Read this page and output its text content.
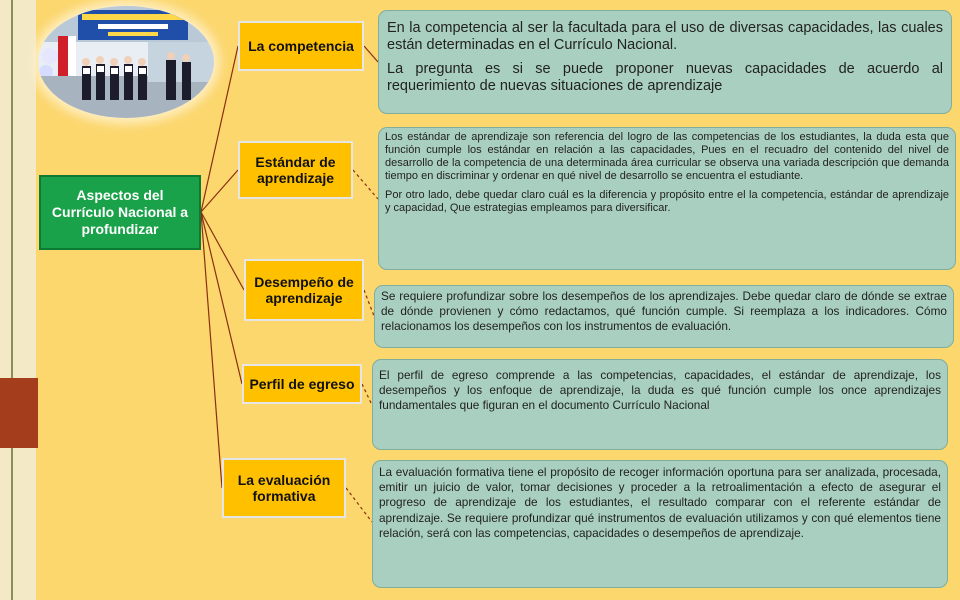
Aspectos del Currículo Nacional a profundizar
La competencia

En la competencia al ser la facultada para el uso de diversas capacidades, las cuales están determinadas en el Currículo Nacional.

La pregunta es si se puede proponer nuevas capacidades de acuerdo al requerimiento de nuevas situaciones de aprendizaje

Estándar de aprendizaje

Los estándar de aprendizaje son referencia del logro de las competencias de los estudiantes, la duda esta que función cumple los estándar en relación a las capacidades, Pues en el recuadro del contenido del nivel de desarrollo de la competencia de una determinada área curricular se observa una variada descripción que demanda tiempo en discriminar y ordenar en qué nivel de desarrollo se encuentra el estudiante.

Por otro lado, debe quedar claro cuál es la diferencia y propósito entre el la competencia, estándar de aprendizaje y capacidad, Que estrategias empleamos para diversificar.

Desempeño de aprendizaje	Se requiere profundizar sobre los desempeños de los aprendizajes. Debe quedar claro de dónde se extrae de dónde provienen y cómo redactamos, qué función cumple. Si reemplaza a los indicadores. Cómo relacionamos los desempeños con los instrumentos de evaluación.

Perfil de egreso

El perfil de egreso comprende a las competencias, capacidades, el estándar de aprendizaje, los desempeños y los enfoque de aprendizaje, la duda es qué función cumple los once aprendizajes fundamentales que figuran en el documento Currículo Nacional

La evaluación formativa

La evaluación formativa tiene el propósito de recoger información oportuna para ser analizada, procesada, emitir un juicio de valor, tomar decisiones y proceder a la retroalimentación a efecto de asegurar el progreso de aprendizaje de los estudiantes, el resultado comparar con el referente estándar de aprendizaje. Se requiere profundizar qué instrumentos de evaluación utilizamos y con qué elementos tiene relación, será con las competencias, capacidades o desempeños de aprendizaje.
